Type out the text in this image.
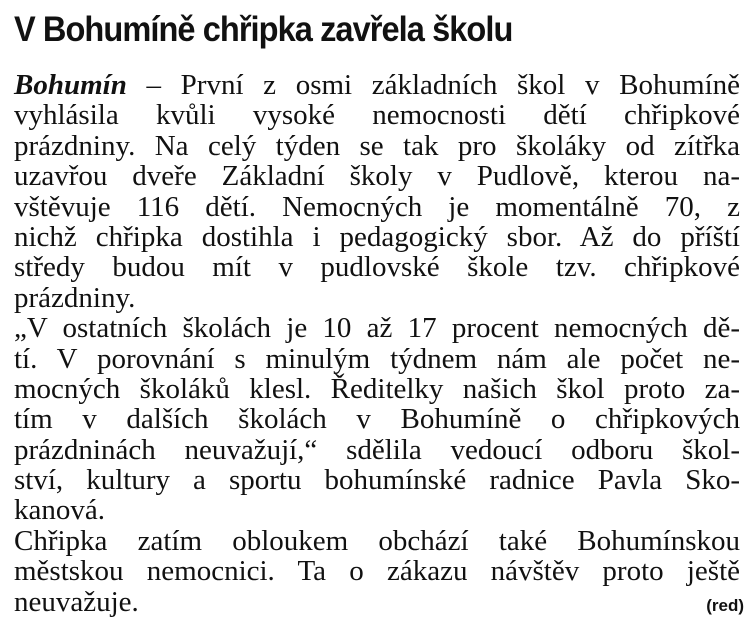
V Bohumíně chřipka zavřela školu
Bohumín – První z osmi základních škol v Bohumíně
vyhlásila kvůli vysoké nemocnosti dětí chřipkové
prázdniny. Na celý týden se tak pro školáky od zítřka
uzavřou dveře Základní školy v Pudlově, kterou na-
vštěvuje 116 dětí. Nemocných je momentálně 70, z
nichž chřipka dostihla i pedagogický sbor. Až do příští
středy budou mít v pudlovské škole tzv. chřipkové
prázdniny.
„V ostatních školách je 10 až 17 procent nemocných dě-
tí. V porovnání s minulým týdnem nám ale počet ne-
mocných školáků klesl. Ředitelky našich škol proto za-
tím v dalších školách v Bohumíně o chřipkových
prázdninách neuvažují,“ sdělila vedoucí odboru škol-
ství, kultury a sportu bohumínské radnice Pavla Sko-
kanová.
Chřipka zatím obloukem obchází také Bohumínskou
městskou nemocnici. Ta o zákazu návštěv proto ještě
neuvažuje.	(red)
